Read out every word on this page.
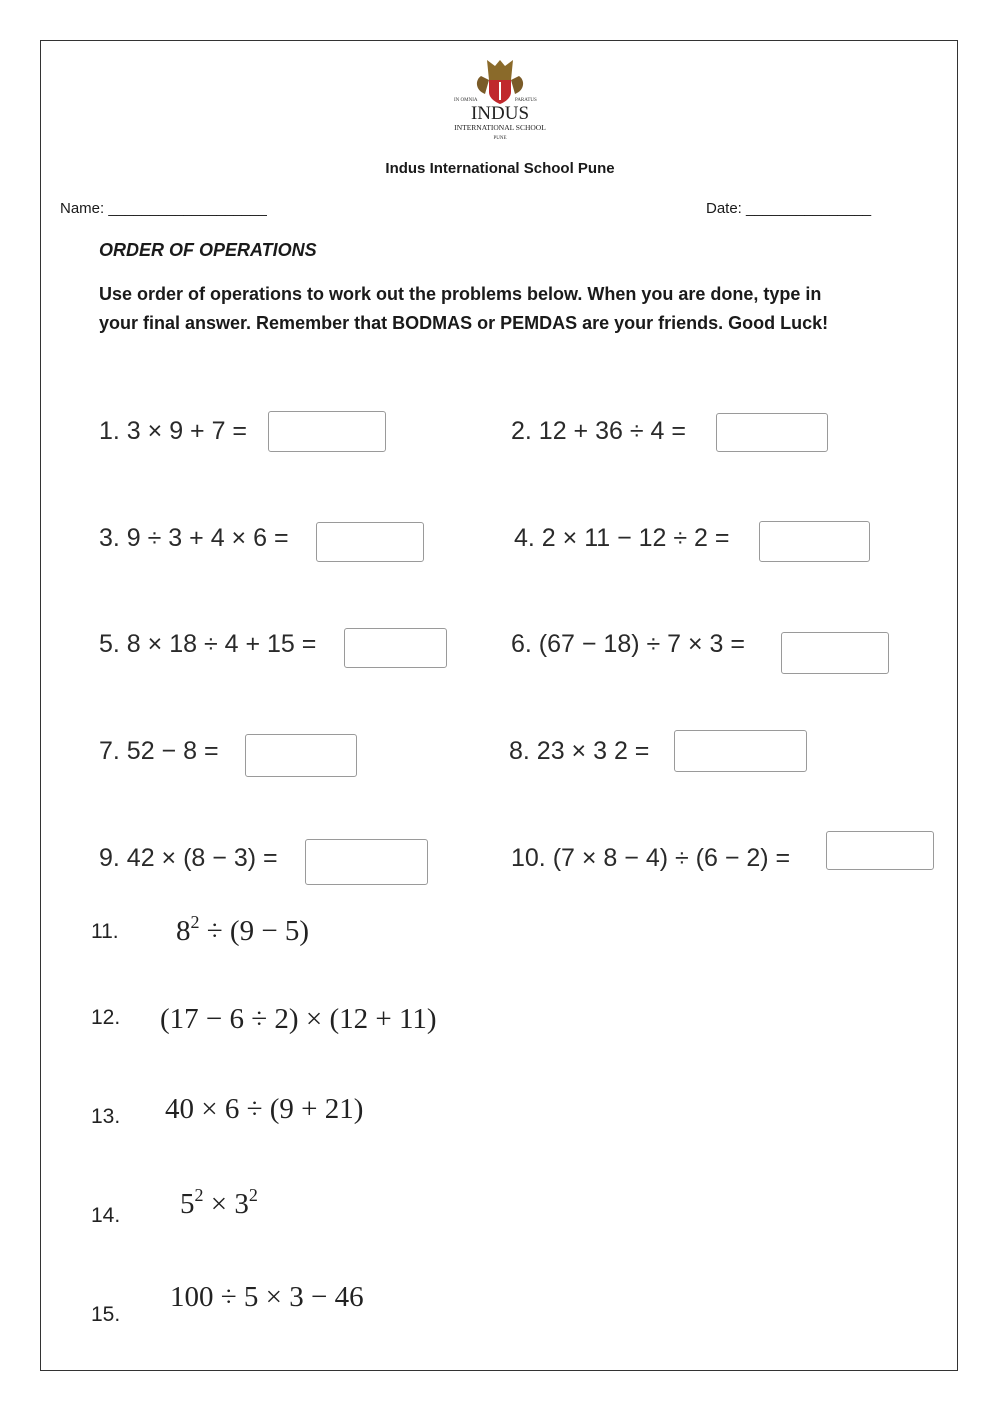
IN OMNIA	PARATUS
INDUS
INTERNATIONAL SCHOOL
PUNE
Indus International School Pune
Name: ___________________	Date: _______________
ORDER OF OPERATIONS
Use order of operations to work out the problems below. When you are done, type in your final answer. Remember that BODMAS or PEMDAS are your friends. Good Luck!
1. 3 × 9 + 7 =	2. 12 + 36 ÷ 4 =
3. 9 ÷ 3 + 4 × 6 =	4. 2 × 11 − 12 ÷ 2 =
5. 8 × 18 ÷ 4 + 15 =	6. (67 − 18) ÷ 7 × 3 =
7. 52 − 8 =	8. 23 × 3 2 =
9. 42 × (8 − 3) =	10. (7 × 8 − 4) ÷ (6 − 2) =
11. $8^2 \div (9 - 5)$
12. (17 − 6 ÷ 2) × (12 + 11)
13. 40 × 6 ÷ (9 + 21)
14. $5^2 \times 3^2$
15.
100 ÷ 5 × 3 − 46
